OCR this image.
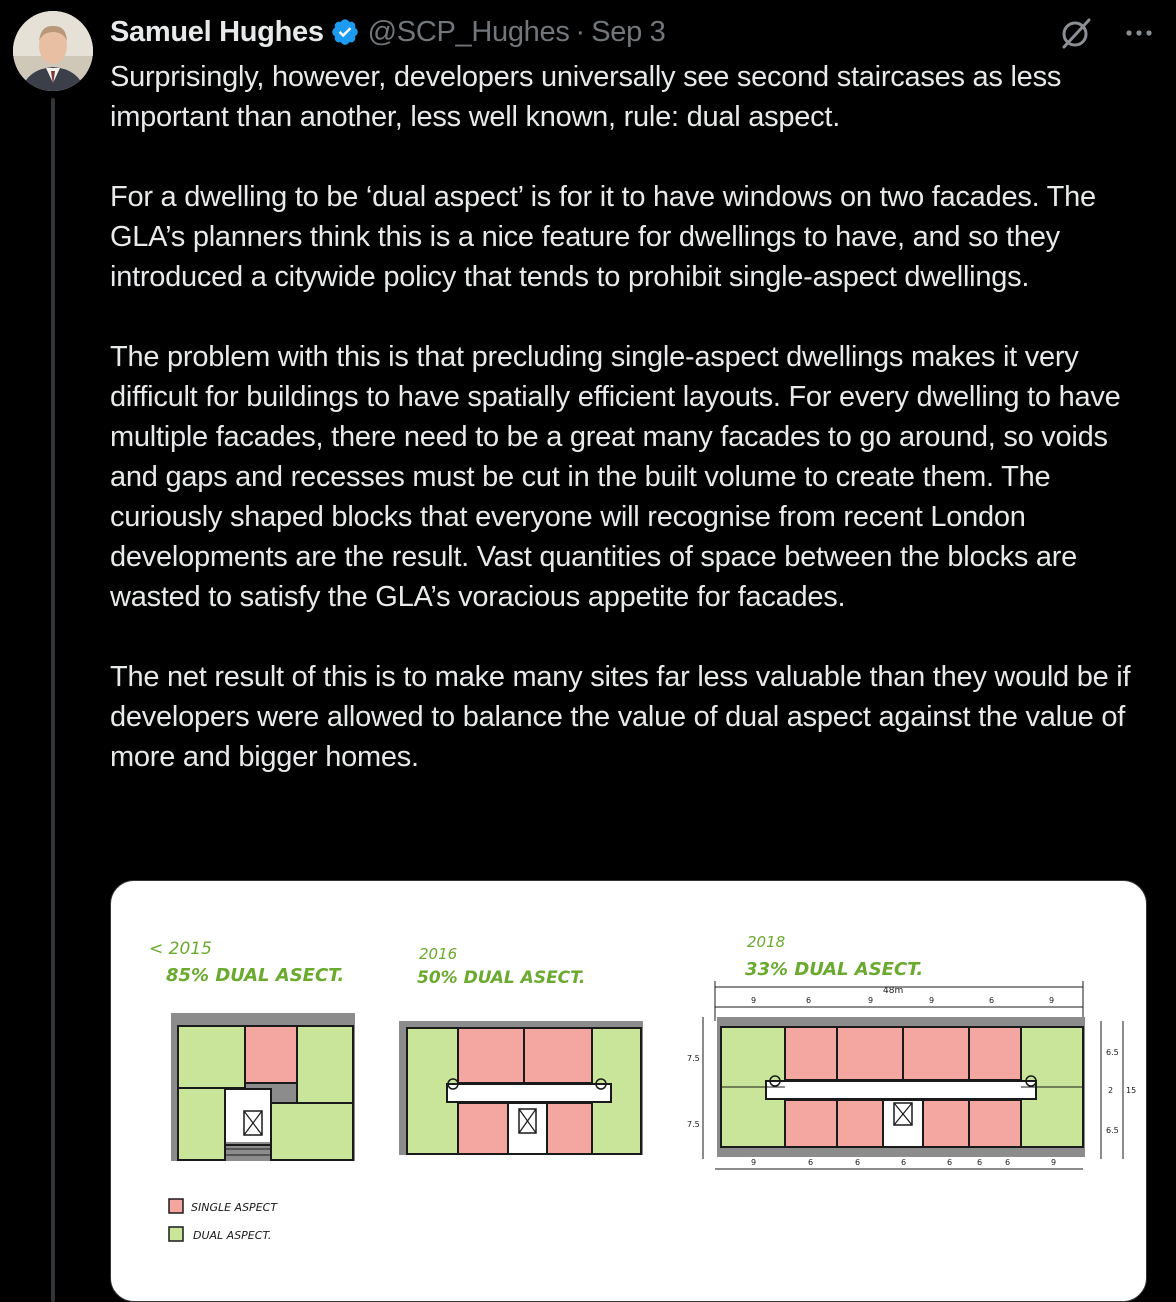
Samuel Hughes @SCP_Hughes · Sep 3

Surprisingly, however, developers universally see second staircases as less important than another, less well known, rule: dual aspect.

For a dwelling to be ‘dual aspect’ is for it to have windows on two facades. The GLA’s planners think this is a nice feature for dwellings to have, and so they introduced a citywide policy that tends to prohibit single-aspect dwellings.

The problem with this is that precluding single-aspect dwellings makes it very difficult for buildings to have spatially efficient layouts. For every dwelling to have multiple facades, there need to be a great many facades to go around, so voids and gaps and recesses must be cut in the built volume to create them. The curiously shaped blocks that everyone will recognise from recent London developments are the result. Vast quantities of space between the blocks are wasted to satisfy the GLA’s voracious appetite for facades.

The net result of this is to make many sites far less valuable than they would be if developers were allowed to balance the value of dual aspect against the value of more and bigger homes.

< 2015
85% DUAL ASECT.
2016
50% DUAL ASECT.
2018
33% DUAL ASECT.
48m
9	6	9	9	6	9
7.5
7.5
6.5
2
6.5
15
9	6	6	6	6	6	6	9
SINGLE ASPECT
DUAL ASPECT.
